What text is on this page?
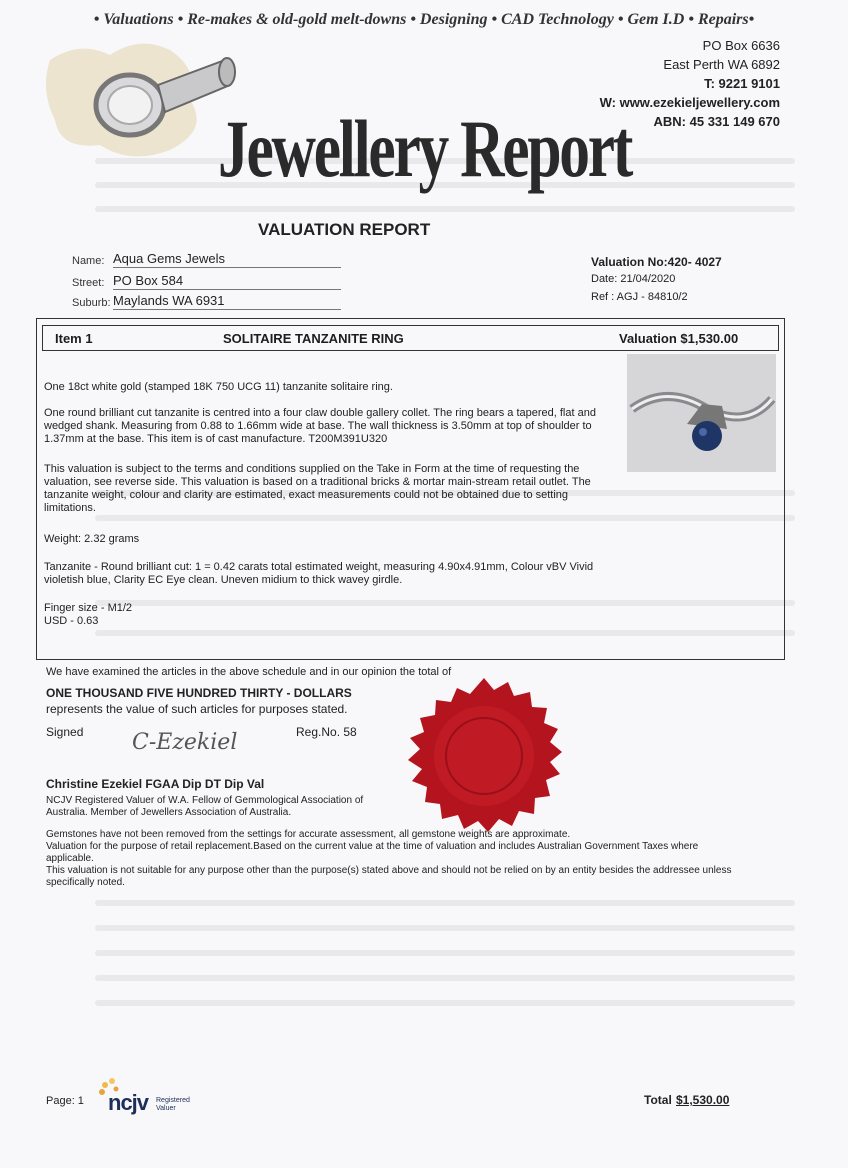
• Valuations • Re-makes & old-gold melt-downs • Designing • CAD Technology • Gem I.D • Repairs•
PO Box 6636
East Perth WA 6892
T: 9221 9101
W: www.ezekieljewellery.com
ABN: 45 331 149 670
Jewellery Report
VALUATION REPORT
Name: Aqua Gems Jewels
Street: PO Box 584
Suburb: Maylands WA 6931
Valuation No:420- 4027
Date: 21/04/2020
Ref : AGJ - 84810/2
Item 1	SOLITAIRE TANZANITE RING	Valuation $1,530.00
One 18ct white gold (stamped 18K 750 UCG 11) tanzanite solitaire ring.
One round brilliant cut tanzanite is centred into a four claw double gallery collet. The ring bears a tapered, flat and wedged shank. Measuring from 0.88 to 1.66mm wide at base. The wall thickness is 3.50mm at top of shoulder to 1.37mm at the base. This item is of cast manufacture. T200M391U320
This valuation is subject to the terms and conditions supplied on the Take in Form at the time of requesting the valuation, see reverse side. This valuation is based on a traditional bricks & mortar main-stream retail outlet. The tanzanite weight, colour and clarity are estimated, exact measurements could not be obtained due to setting limitations.
Weight: 2.32 grams
Tanzanite - Round brilliant cut: 1 = 0.42 carats total estimated weight, measuring 4.90x4.91mm, Colour vBV Vivid violetish blue, Clarity EC Eye clean. Uneven midium to thick wavey girdle.
Finger size - M1/2
USD - 0.63
We have examined the articles in the above schedule and in our opinion the total of
ONE THOUSAND FIVE HUNDRED THIRTY - DOLLARS
represents the value of such articles for purposes stated.
Signed	Reg.No. 58
C-Ezekiel
Christine Ezekiel FGAA Dip DT Dip Val
NCJV Registered Valuer of W.A. Fellow of Gemmological Association of Australia. Member of Jewellers Association of Australia.
Gemstones have not been removed from the settings for accurate assessment, all gemstone weights are approximate.
Valuation for the purpose of retail replacement.Based on the current value at the time of valuation and includes Australian Government Taxes where applicable.
This valuation is not suitable for any purpose other than the purpose(s) stated above and should not be relied on by an entity besides the addressee unless specifically noted.
Page: 1 ncjv Registered Valuer
Total $1,530.00
